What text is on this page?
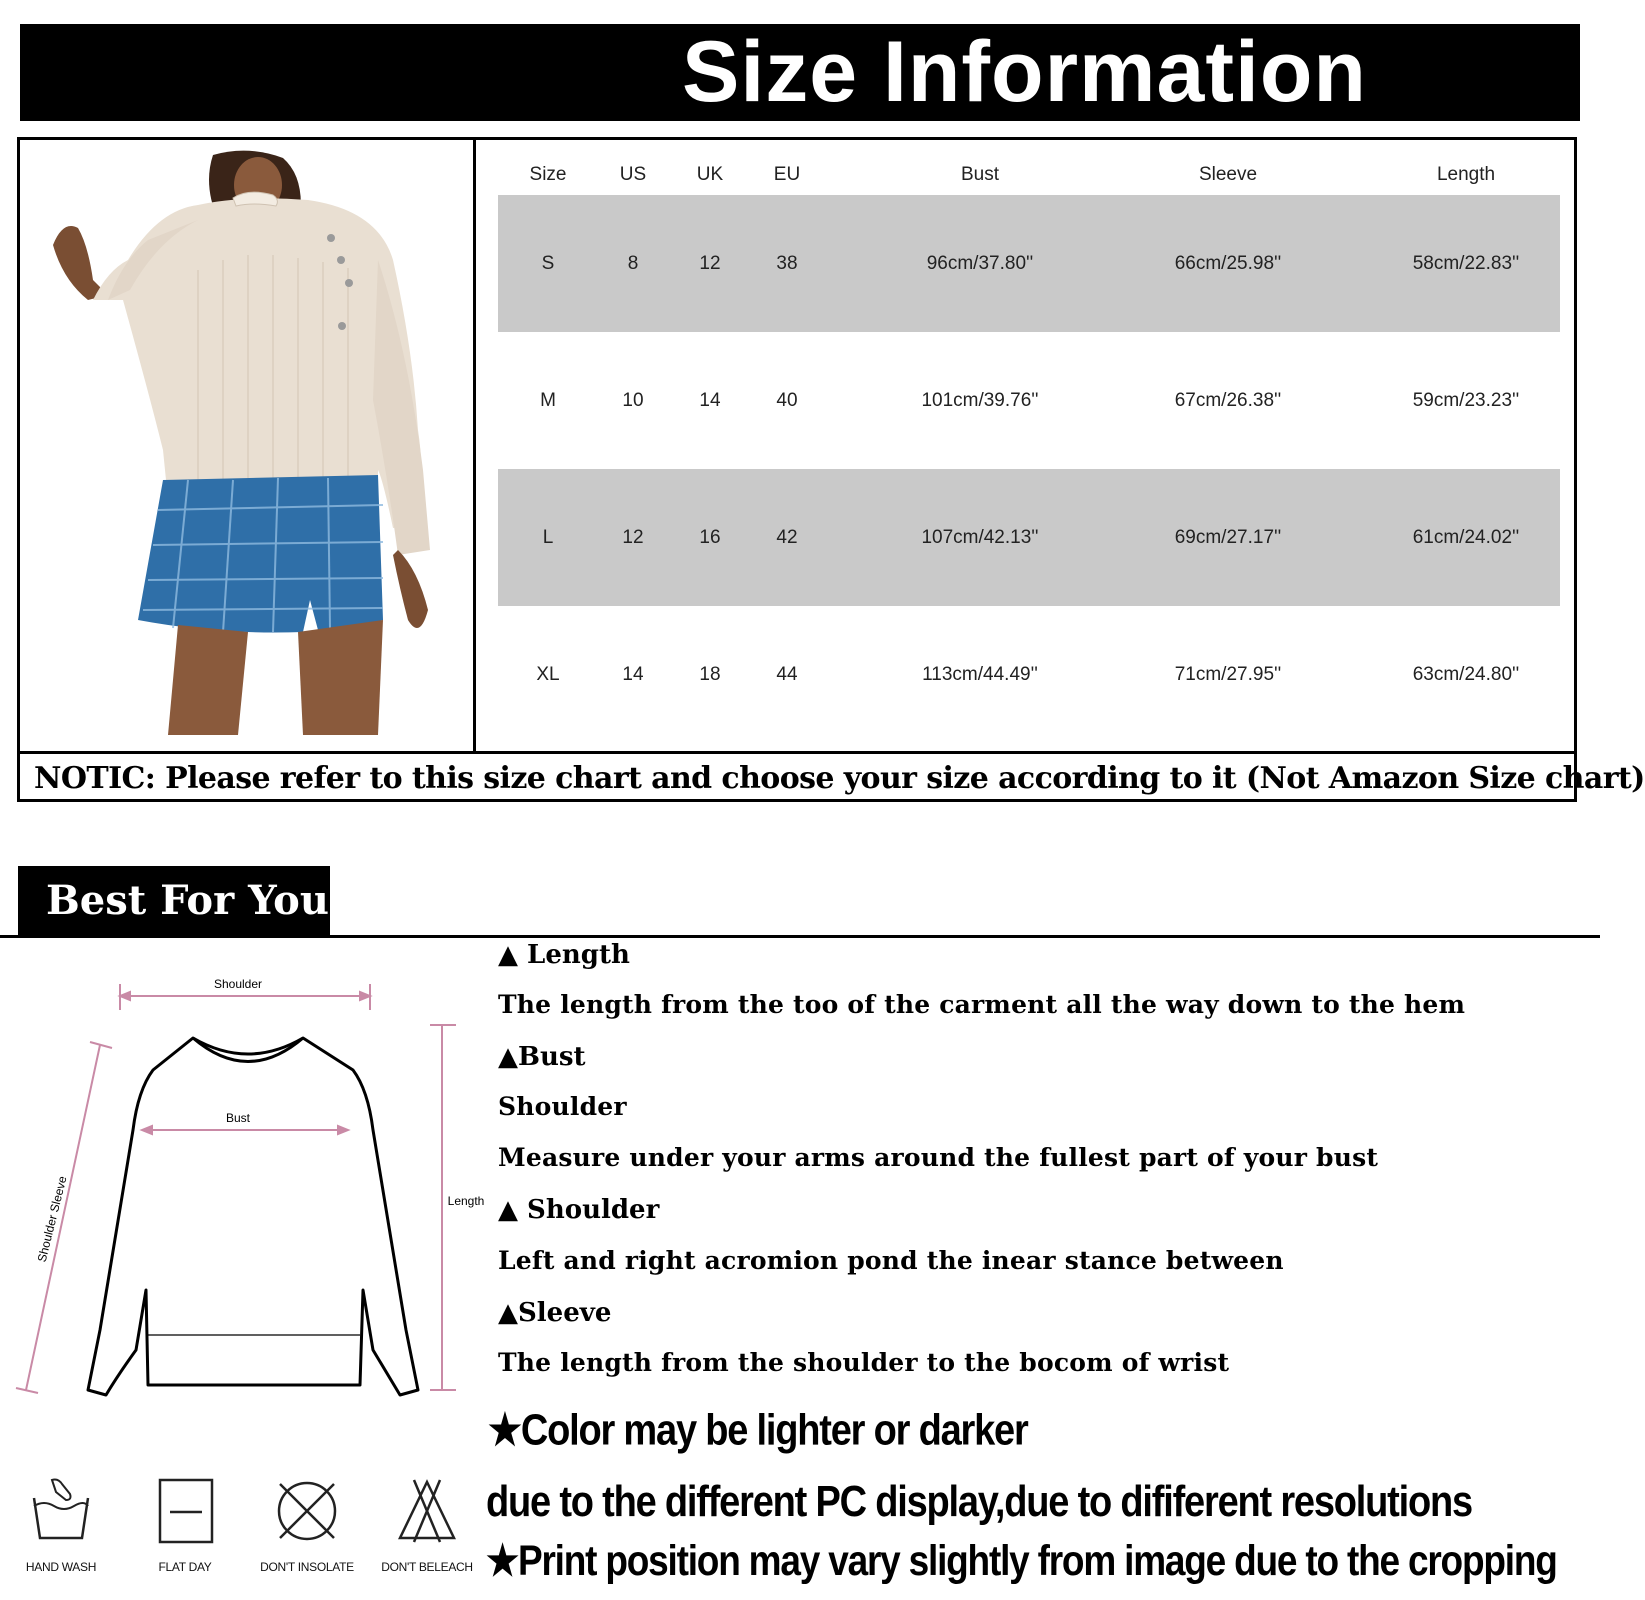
Size Information
Size	US	UK	EU	Bust	Sleeve	Length
S	8	12	38	96cm/37.80''	66cm/25.98''	58cm/22.83''
M	10	14	40	101cm/39.76''	67cm/26.38''	59cm/23.23''
L	12	16	42	107cm/42.13''	69cm/27.17''	61cm/24.02''
XL	14	18	44	113cm/44.49''	71cm/27.95''	63cm/24.80''
NOTIC: Please refer to this size chart and choose your size according to it (Not Amazon Size chart)
Best For You
Shoulder
Bust
Shoulder Sleeve	Length
▲ Length
The length from the too of the carment all the way down to the hem
▲Bust
Shoulder
Measure under your arms around the fullest part of your bust
▲ Shoulder
Left and right acromion pond the inear stance between
▲Sleeve
The length from the shoulder to the bocom of wrist
★Color may be lighter or darker
due to the different PC display,due to dififerent resolutions
★Print position may vary slightly from image due to the cropping
HAND WASH	FLAT DAY	DON'T INSOLATE	DON'T BELEACH
